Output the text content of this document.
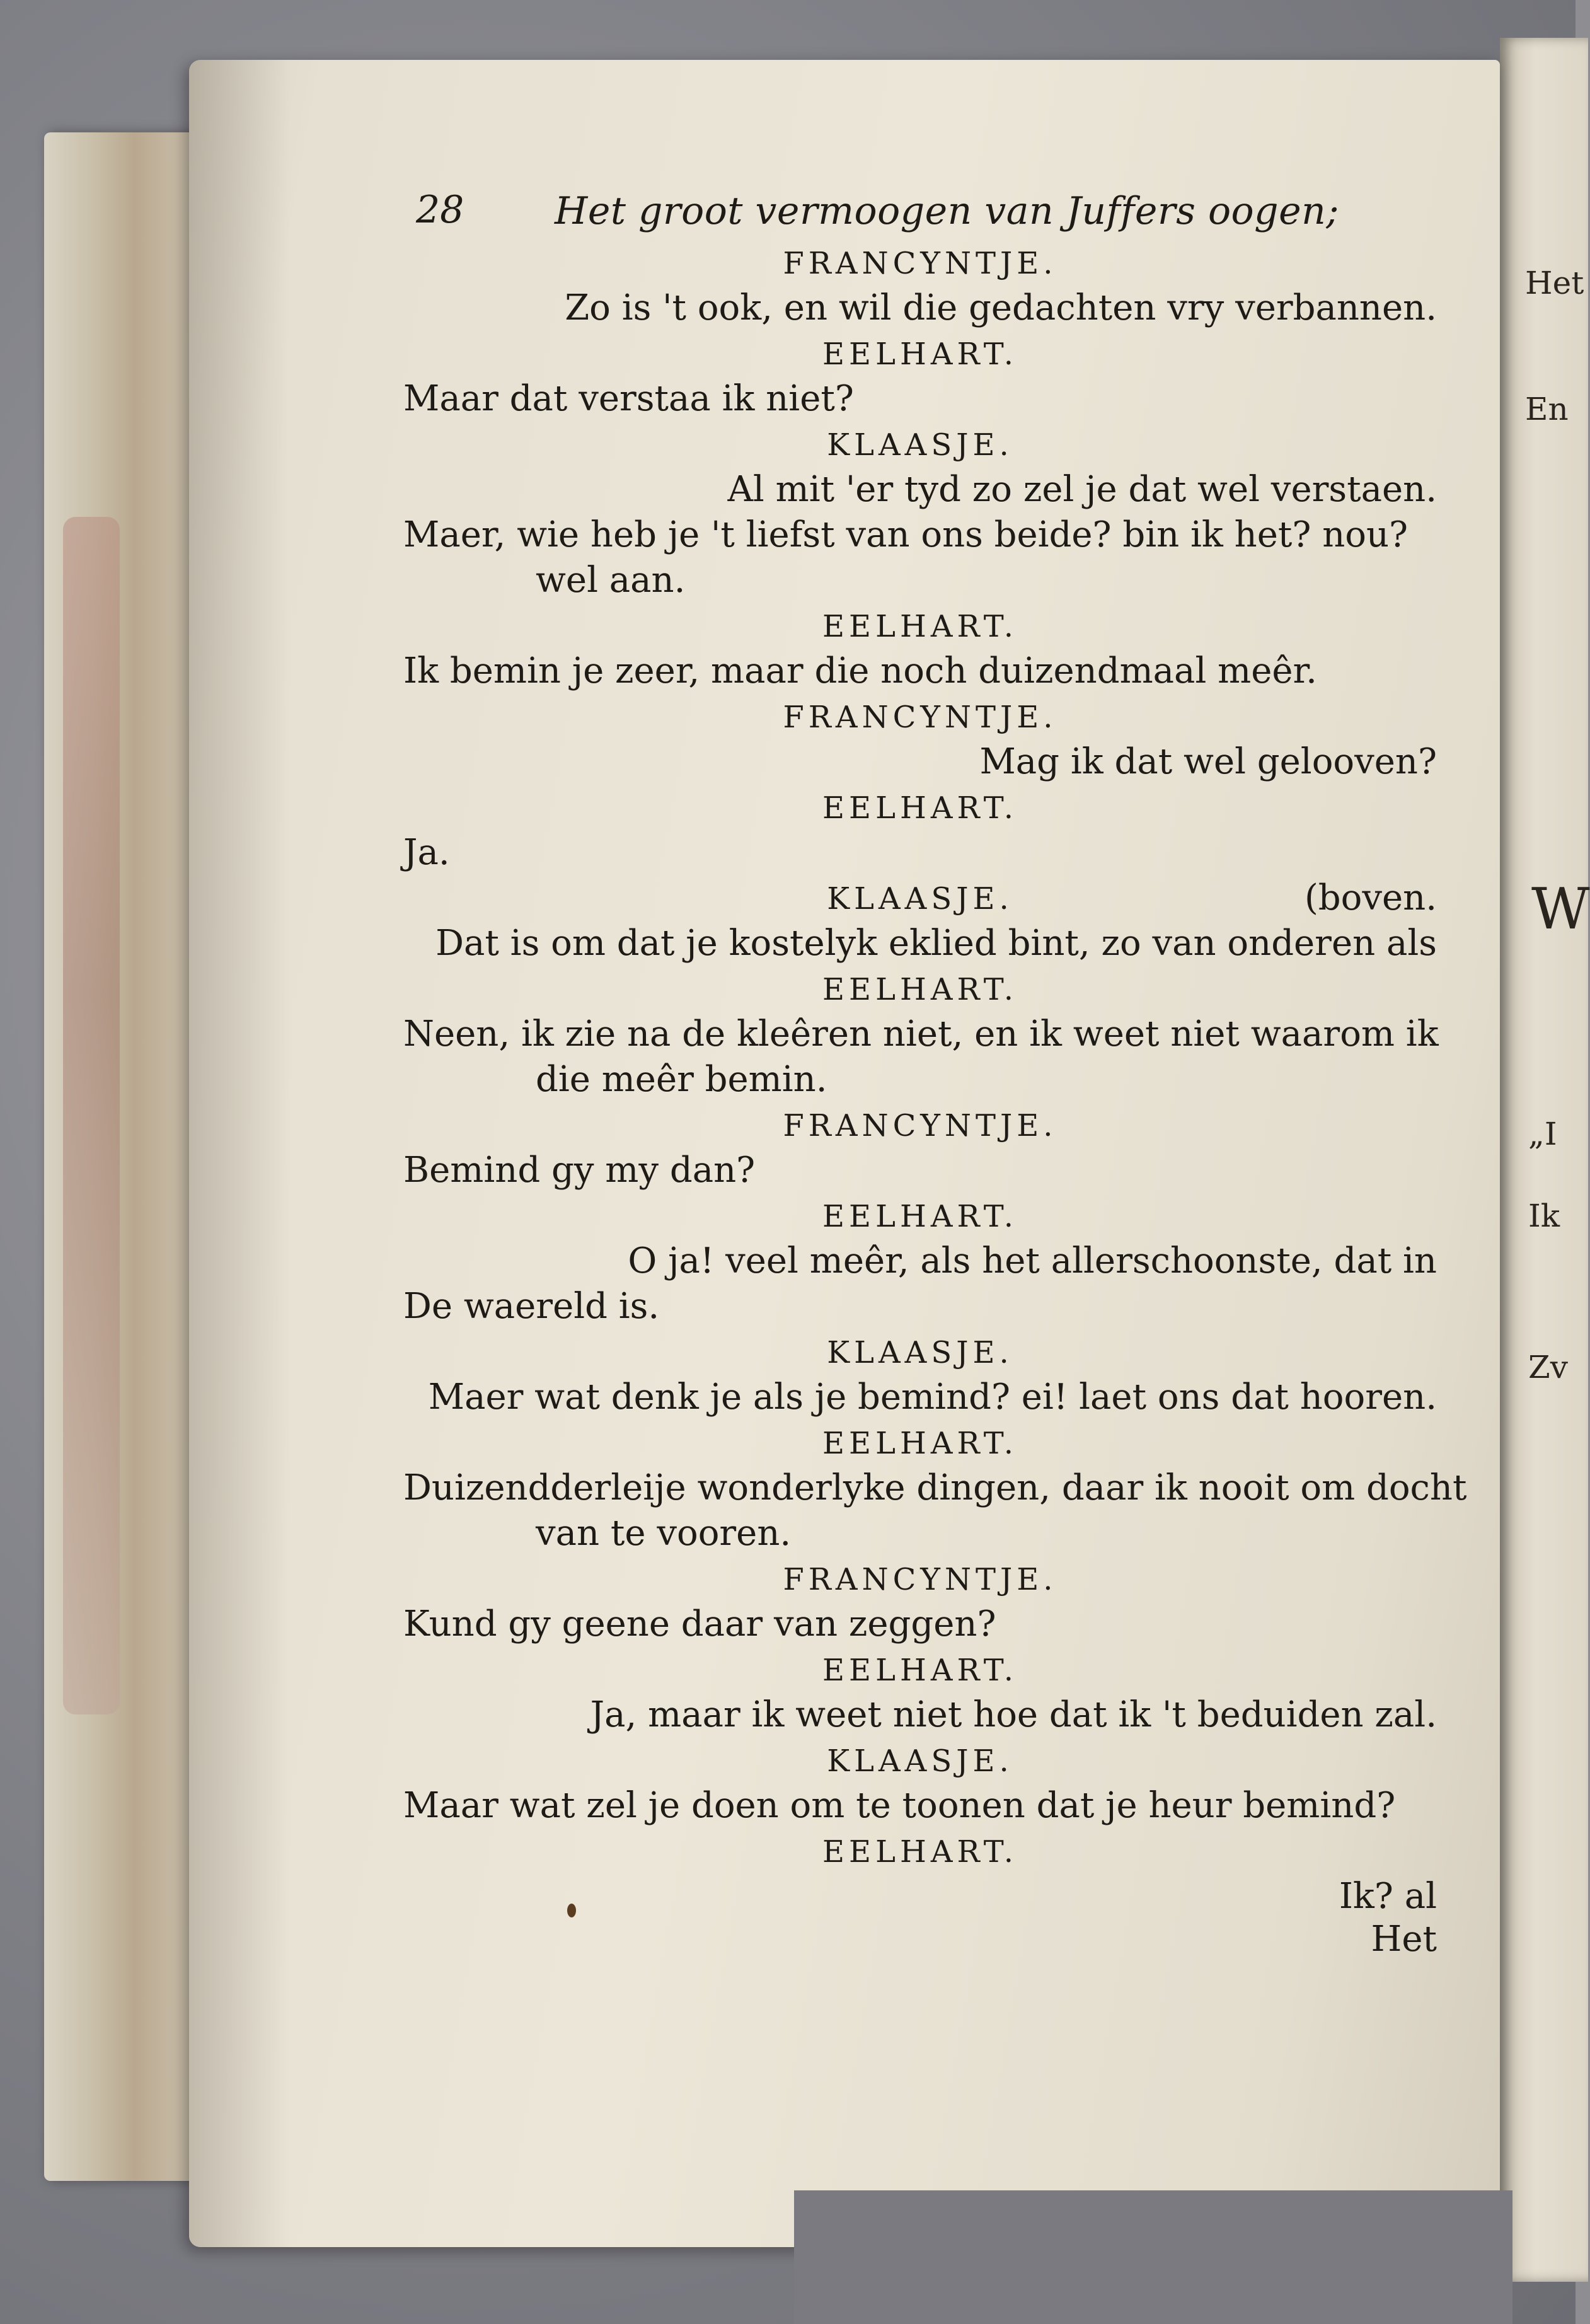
Het
En
W
„I
Ik
Zv
28 Het groot vermoogen van Juffers oogen;
FRANCYNTJE.
Zo is 't ook, en wil die gedachten vry verbannen.
EELHART.
Maar dat verstaa ik niet?
KLAASJE.
Al mit 'er tyd zo zel je dat wel verstaen.
Maer, wie heb je 't liefst van ons beide? bin ik het? nou?
wel aan.
EELHART.
Ik bemin je zeer, maar die noch duizendmaal meêr.
FRANCYNTJE.
Mag ik dat wel gelooven?
EELHART.
Ja.
(boven.
KLAASJE.
Dat is om dat je kostelyk eklied bint, zo van onderen als
EELHART.
Neen, ik zie na de kleêren niet, en ik weet niet waarom ik
die meêr bemin.
FRANCYNTJE.
Bemind gy my dan?
EELHART.
O ja! veel meêr, als het allerschoonste, dat in
De waereld is.
KLAASJE.
Maer wat denk je als je bemind? ei! laet ons dat hooren.
EELHART.
Duizendderleije wonderlyke dingen, daar ik nooit om docht
van te vooren.
FRANCYNTJE.
Kund gy geene daar van zeggen?
EELHART.
Ja, maar ik weet niet hoe dat ik 't beduiden zal.
KLAASJE.
Maar wat zel je doen om te toonen dat je heur bemind?
EELHART.
Ik? al
Het
